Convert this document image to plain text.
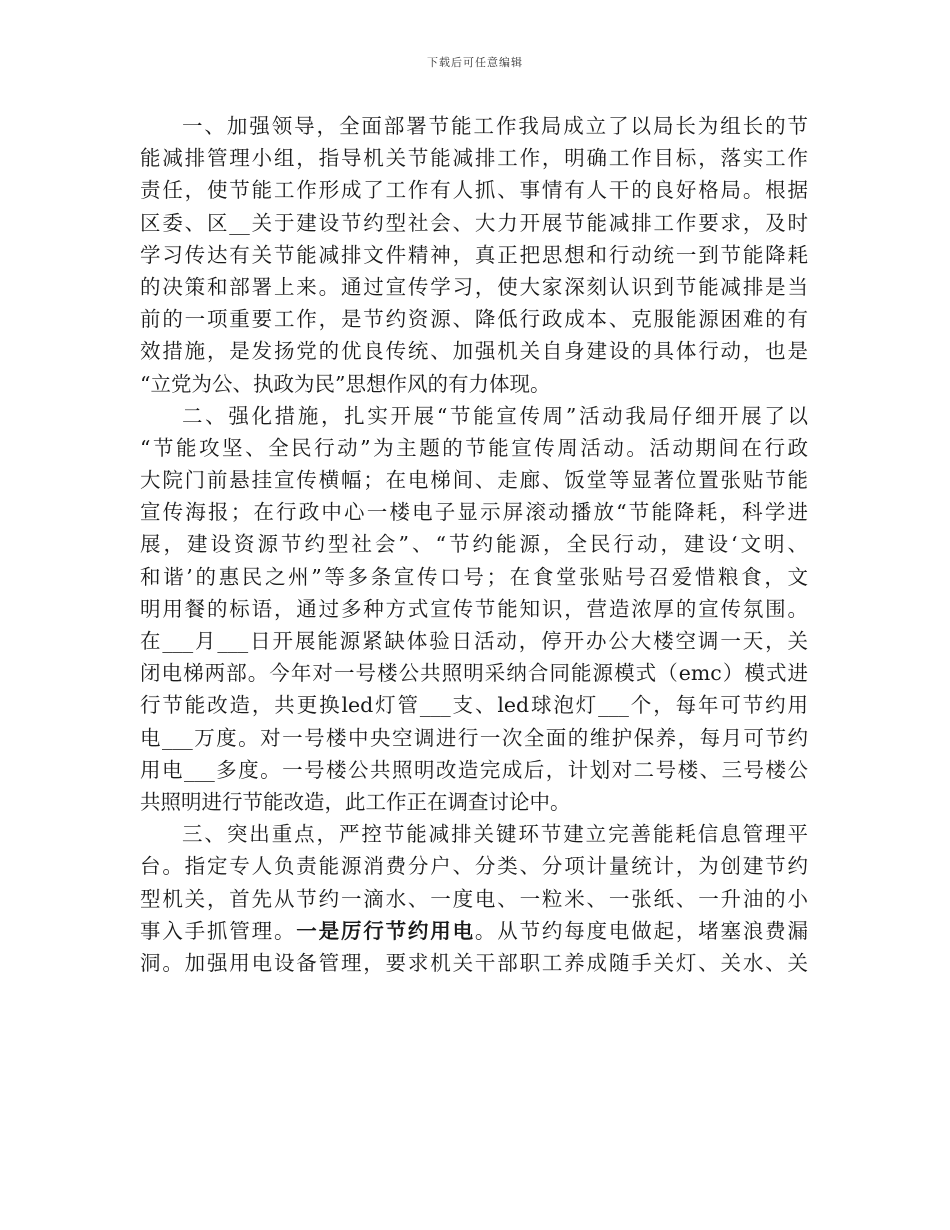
下载后可任意编辑
一、加强领导，全面部署节能工作我局成立了以局长为组长的节
能减排管理小组，指导机关节能减排工作，明确工作目标，落实工作
责任，使节能工作形成了工作有人抓、事情有人干的良好格局。根据
区委、区__关于建设节约型社会、大力开展节能减排工作要求，及时
学习传达有关节能减排文件精神，真正把思想和行动统一到节能降耗
的决策和部署上来。通过宣传学习，使大家深刻认识到节能减排是当
前的一项重要工作，是节约资源、降低行政成本、克服能源困难的有
效措施，是发扬党的优良传统、加强机关自身建设的具体行动，也是
“立党为公、执政为民”思想作风的有力体现。
二、强化措施，扎实开展“节能宣传周”活动我局仔细开展了以
“节能攻坚、全民行动”为主题的节能宣传周活动。活动期间在行政
大院门前悬挂宣传横幅；在电梯间、走廊、饭堂等显著位置张贴节能
宣传海报；在行政中心一楼电子显示屏滚动播放“节能降耗，科学进
展，建设资源节约型社会”、“节约能源，全民行动，建设‘文明、
和谐’的惠民之州”等多条宣传口号；在食堂张贴号召爱惜粮食，文
明用餐的标语，通过多种方式宣传节能知识，营造浓厚的宣传氛围。
在___月___日开展能源紧缺体验日活动，停开办公大楼空调一天，关
闭电梯两部。今年对一号楼公共照明采纳合同能源模式（emc）模式进
行节能改造，共更换led灯管___支、led球泡灯___个，每年可节约用
电___万度。对一号楼中央空调进行一次全面的维护保养，每月可节约
用电___多度。一号楼公共照明改造完成后，计划对二号楼、三号楼公
共照明进行节能改造，此工作正在调查讨论中。
三、突出重点，严控节能减排关键环节建立完善能耗信息管理平
台。指定专人负责能源消费分户、分类、分项计量统计，为创建节约
型机关，首先从节约一滴水、一度电、一粒米、一张纸、一升油的小
事入手抓管理。一是厉行节约用电。从节约每度电做起，堵塞浪费漏
洞。加强用电设备管理，要求机关干部职工养成随手关灯、关水、关
